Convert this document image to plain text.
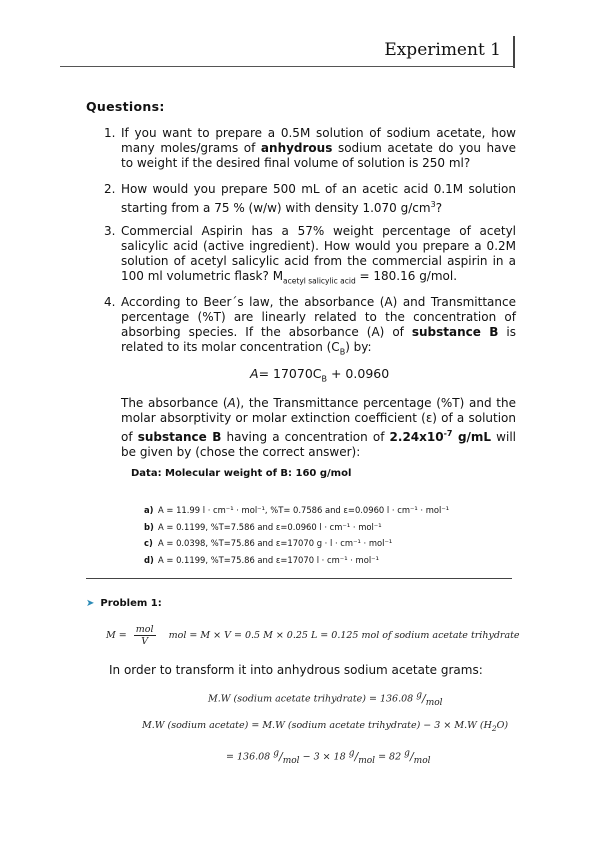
Experiment 1
Questions:
1. If you want to prepare a 0.5M solution of sodium acetate, how many moles/grams of anhydrous sodium acetate do you have to weight if the desired final volume of solution is 250 ml?
2. How would you prepare 500 mL of an acetic acid 0.1M solution starting from a 75 % (w/w) with density 1.070 $g/cm^3$?
3. Commercial Aspirin has a 57% weight percentage of acetyl salicylic acid (active ingredient). How would you prepare a 0.2M solution of acetyl salicylic acid from the commercial aspirin in a 100 ml volumetric flask? $M_{acetyl salicylic acid} = 180.16$ g/mol.
4. According to Beer´s law, the absorbance (A) and Transmittance percentage (%T) are linearly related to the concentration of absorbing species. If the absorbance (A) of substance B is related to its molar concentration $(C_B)$ by:
$A= 17070C_B + 0.0960$
The absorbance (A), the Transmittance percentage (%T) and the molar absorptivity or molar extinction coefficient (ε) of a solution of substance B having a concentration of $2.24x10^{-7}$ g/mL will be given by (chose the correct answer):
Data: Molecular weight of B: 160 g/mol
a) A = 11.99 l · cm⁻¹ · mol⁻¹, %T= 0.7586 and ε=0.0960 l · cm⁻¹ · mol⁻¹
b) A = 0.1199, %T=7.586 and ε=0.0960 l · cm⁻¹ · mol⁻¹
c) A = 0.0398, %T=75.86 and ε=17070 g · l · cm⁻¹ · mol⁻¹
d) A = 0.1199, %T=75.86 and ε=17070 l · cm⁻¹ · mol⁻¹
➤ Problem 1:
$M = \frac{\text{mol}}{V}$ mol = M × V = 0.5 M × 0.25 L = 0.125 mol of sodium acetate trihydrate
In order to transform it into anhydrous sodium acetate grams:
M.W (sodium acetate trihydrate) = 136.08 $^g/_{mol}$
M.W (sodium acetate) = M.W (sodium acetate trihydrate) − 3 × M.W $(H_2O)$
= 136.08 $^g/_{mol} - 3 \times 18$ $^g/_{mol} = 82$ $^g/_{mol}$
